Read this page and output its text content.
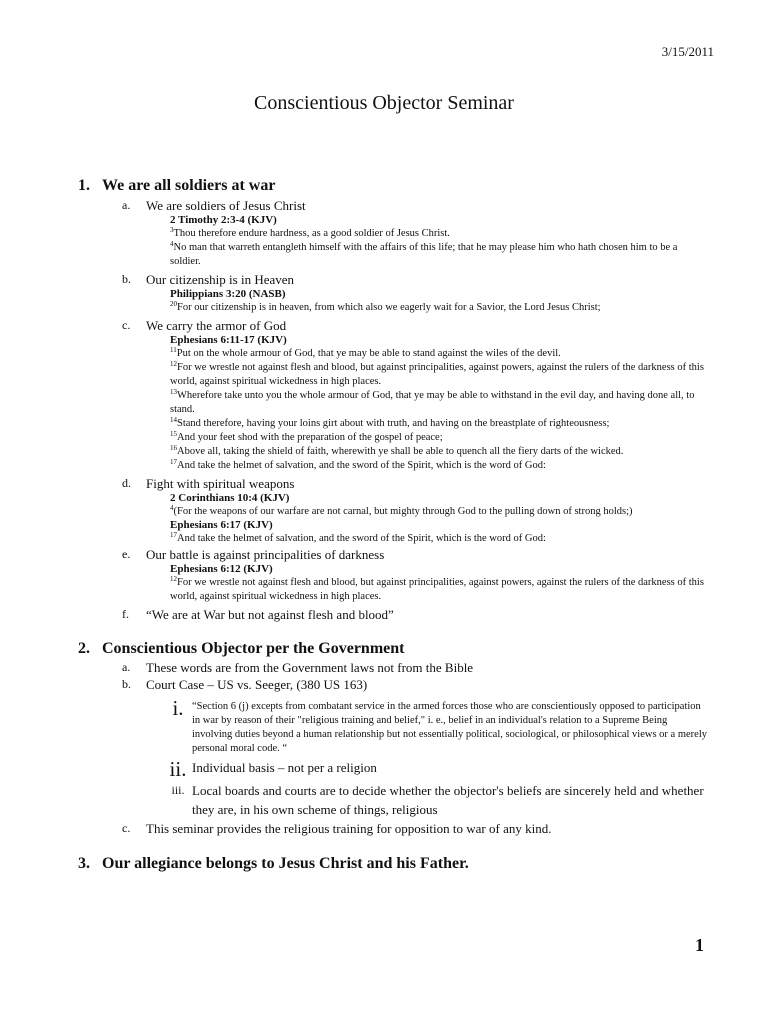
3/15/2011
Conscientious Objector Seminar
1. We are all soldiers at war
a.	We are soldiers of Jesus Christ
2 Timothy 2:3-4 (KJV)
$^3$Thou therefore endure hardness, as a good soldier of Jesus Christ.
$^4$No man that warreth entangleth himself with the affairs of this life; that he may please him who hath chosen him to be a soldier.
b.	Our citizenship is in Heaven
Philippians 3:20 (NASB)
$^{20}$For our citizenship is in heaven, from which also we eagerly wait for a Savior, the Lord Jesus Christ;
c.	We carry the armor of God
Ephesians 6:11-17 (KJV)
$^{11}$Put on the whole armour of God, that ye may be able to stand against the wiles of the devil.
$^{12}$For we wrestle not against flesh and blood, but against principalities, against powers, against the rulers of the darkness of this world, against spiritual wickedness in high places.
$^{13}$Wherefore take unto you the whole armour of God, that ye may be able to withstand in the evil day, and having done all, to stand.
$^{14}$Stand therefore, having your loins girt about with truth, and having on the breastplate of righteousness;
$^{15}$And your feet shod with the preparation of the gospel of peace;
$^{16}$Above all, taking the shield of faith, wherewith ye shall be able to quench all the fiery darts of the wicked.
$^{17}$And take the helmet of salvation, and the sword of the Spirit, which is the word of God:
d.	Fight with spiritual weapons
2 Corinthians 10:4 (KJV)
$^4$(For the weapons of our warfare are not carnal, but mighty through God to the pulling down of strong holds;)
Ephesians 6:17 (KJV)
$^{17}$And take the helmet of salvation, and the sword of the Spirit, which is the word of God:
e.	Our battle is against principalities of darkness
Ephesians 6:12 (KJV)
$^{12}$For we wrestle not against flesh and blood, but against principalities, against powers, against the rulers of the darkness of this world, against spiritual wickedness in high places.
f.	“We are at War but not against flesh and blood”
2. Conscientious Objector per the Government
a.	These words are from the Government laws not from the Bible
b.	Court Case – US vs. Seeger, (380 US 163)
i. “Section 6 (j) excepts from combatant service in the armed forces those who are conscientiously opposed to participation in war by reason of their "religious training and belief," i. e., belief in an individual's relation to a Supreme Being involving duties beyond a human relationship but not essentially political, sociological, or philosophical views or a merely personal moral code. “
ii. Individual basis – not per a religion
iii. Local boards and courts are to decide whether the objector's beliefs are sincerely held and whether they are, in his own scheme of things, religious
c.	This seminar provides the religious training for opposition to war of any kind.
3. Our allegiance belongs to Jesus Christ and his Father.
1
